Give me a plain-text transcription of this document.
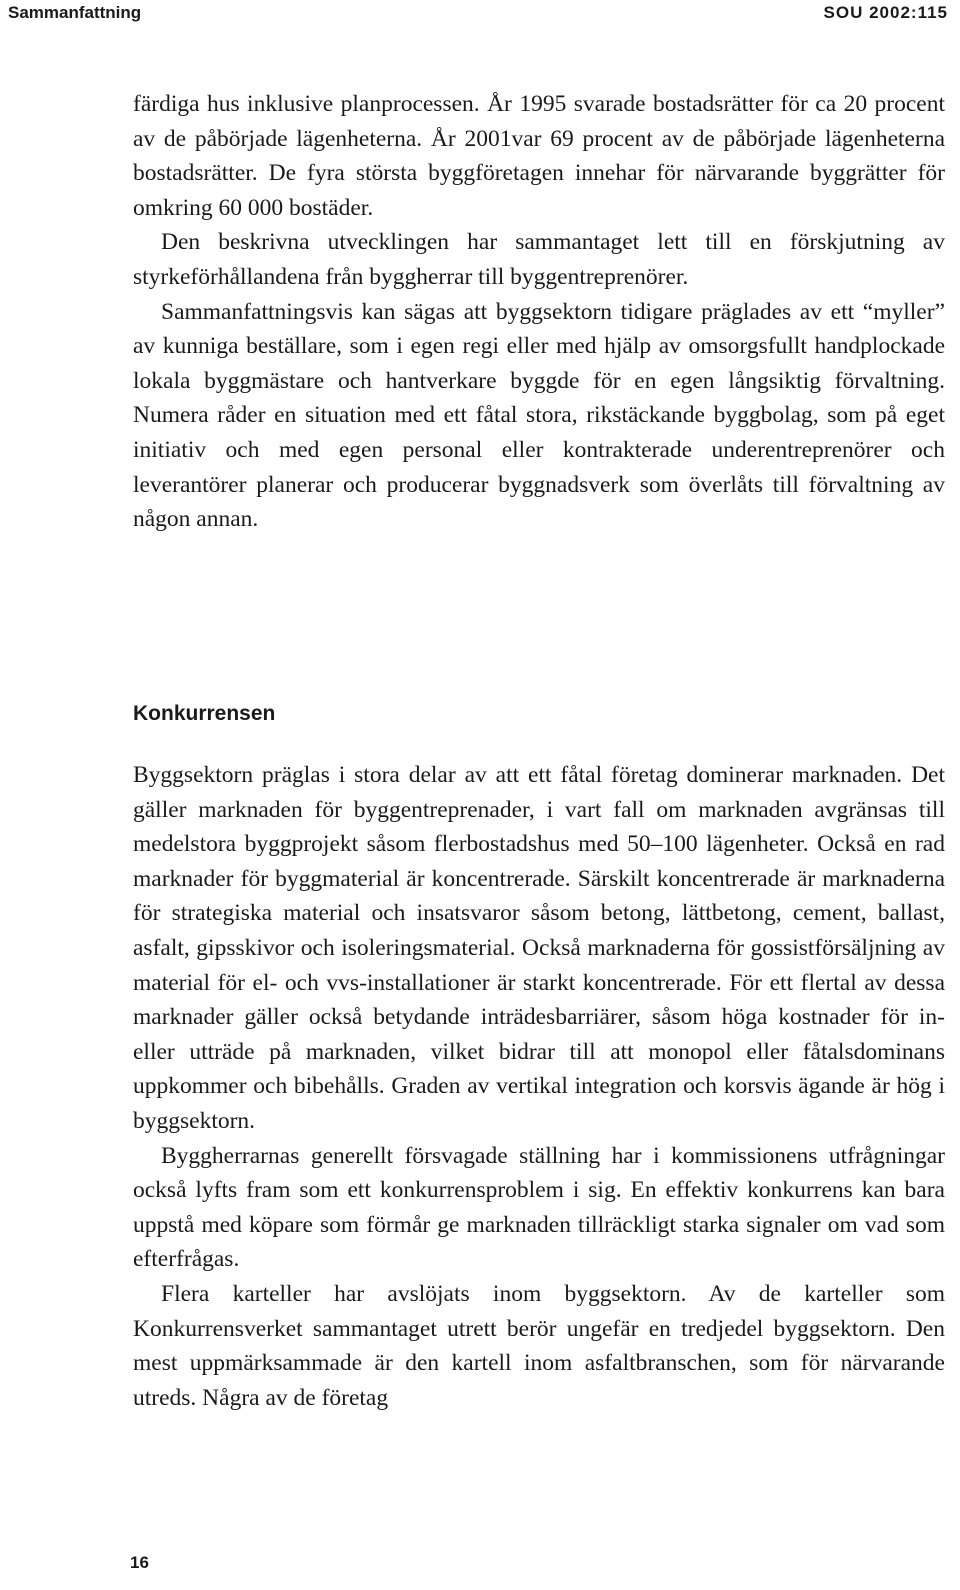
Sammanfattning	SOU 2002:115

färdiga hus inklusive planprocessen. År 1995 svarade bostadsrätter för ca 20 procent av de påbörjade lägenheterna. År 2001var 69 procent av de påbörjade lägenheterna bostadsrätter. De fyra största byggföretagen innehar för närvarande byggrätter för omkring 60 000 bostäder.

Den beskrivna utvecklingen har sammantaget lett till en förskjutning av styrkeförhållandena från byggherrar till byggentreprenörer.

Sammanfattningsvis kan sägas att byggsektorn tidigare präglades av ett “myller” av kunniga beställare, som i egen regi eller med hjälp av omsorgsfullt handplockade lokala byggmästare och hantverkare byggde för en egen långsiktig förvaltning. Numera råder en situation med ett fåtal stora, rikstäckande byggbolag, som på eget initiativ och med egen personal eller kontrakterade underentreprenörer och leverantörer planerar och producerar byggnadsverk som överlåts till förvaltning av någon annan.

Konkurrensen

Byggsektorn präglas i stora delar av att ett fåtal företag dominerar marknaden. Det gäller marknaden för byggentreprenader, i vart fall om marknaden avgränsas till medelstora byggprojekt såsom flerbostadshus med 50–100 lägenheter. Också en rad marknader för byggmaterial är koncentrerade. Särskilt koncentrerade är marknaderna för strategiska material och insatsvaror såsom betong, lättbetong, cement, ballast, asfalt, gipsskivor och isoleringsmaterial. Också marknaderna för gossistförsäljning av material för el- och vvs-installationer är starkt koncentrerade. För ett flertal av dessa marknader gäller också betydande inträdesbarriärer, såsom höga kostnader för in- eller utträde på marknaden, vilket bidrar till att monopol eller fåtalsdominans uppkommer och bibehålls. Graden av vertikal integration och korsvis ägande är hög i byggsektorn.

Byggherrarnas generellt försvagade ställning har i kommissionens utfrågningar också lyfts fram som ett konkurrensproblem i sig. En effektiv konkurrens kan bara uppstå med köpare som förmår ge marknaden tillräckligt starka signaler om vad som efterfrågas.

Flera karteller har avslöjats inom byggsektorn. Av de karteller som Konkurrensverket sammantaget utrett berör ungefär en tredjedel byggsektorn. Den mest uppmärksammade är den kartell inom asfaltbranschen, som för närvarande utreds. Några av de företag

16
